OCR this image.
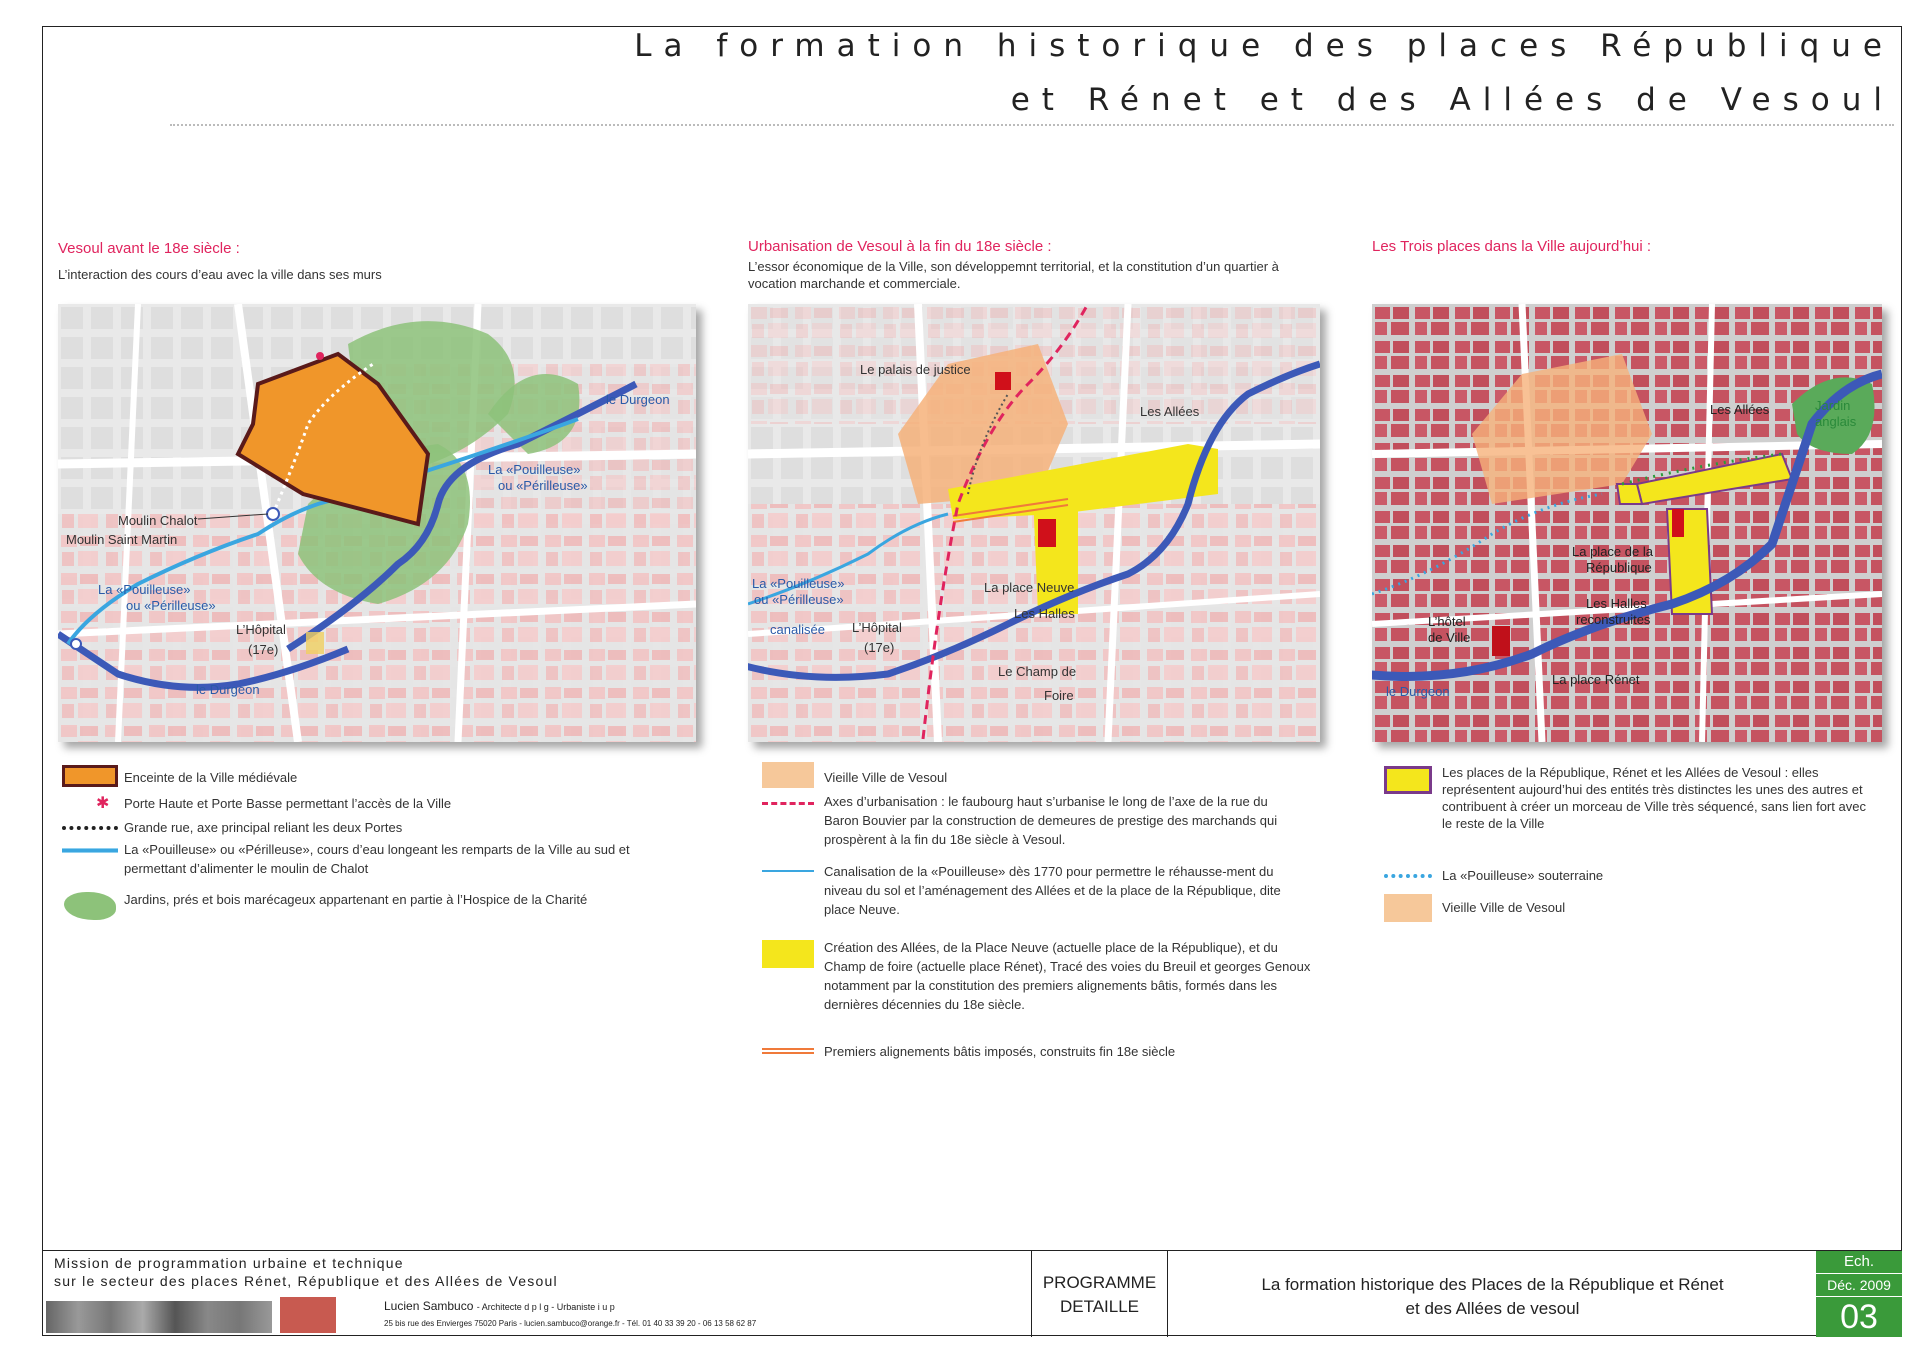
La formation historique des places République
et Rénet et des Allées de Vesoul
Vesoul avant le 18e siècle :
L’interaction des cours d’eau avec la ville dans ses murs
Moulin Chalot
Moulin Saint Martin
La «Pouilleuse»
ou «Périlleuse»
La «Pouilleuse»
ou «Périlleuse»
le Durgeon
le Durgeon
L’Hôpital
(17e)
Enceinte de la Ville médiévale
✱ Porte Haute et Porte Basse permettant l’accès de la Ville
Grande rue, axe principal reliant les deux Portes
La «Pouilleuse» ou «Périlleuse», cours d’eau longeant les remparts de la Ville au sud et permettant d’alimenter le moulin de Chalot
Jardins, prés et bois marécageux appartenant en partie à l’Hospice de la Charité
Urbanisation de Vesoul à la fin du 18e siècle :
L’essor économique de la Ville, son développemnt territorial, et la constitution d’un quartier à vocation marchande et commerciale.
Le palais de justice
Les Allées
La «Pouilleuse»
ou «Périlleuse»
canalisée L’Hôpital
(17e)
La place Neuve
Les Halles
Le Champ de
Foire
Vieille Ville de Vesoul
Axes d’urbanisation : le faubourg haut s’urbanise le long de l’axe de la rue du Baron Bouvier par la construction de demeures de prestige des marchands qui prospèrent à la fin du 18e siècle à Vesoul.
Canalisation de la «Pouilleuse» dès 1770 pour permettre le réhausse-ment du niveau du sol et l’aménagement des Allées et de la place de la République, dite place Neuve.
Création des Allées, de la Place Neuve (actuelle place de la République), et du Champ de foire (actuelle place Rénet), Tracé des voies du Breuil et georges Genoux notamment par la constitution des premiers alignements bâtis, formés dans les dernières décennies du 18e siècle.
Premiers alignements bâtis imposés, construits fin 18e siècle
Les Trois places dans la Ville aujourd’hui :
Les Allées	Jardin
anglais
La place de la
République
L’hôtel
de Ville
Les Halles
reconstruites
La place Rénet
le Durgeon
Les places de la République, Rénet et les Allées de Vesoul : elles représentent aujourd’hui des entités très distinctes les unes des autres et contribuent à créer un morceau de Ville très séquencé, sans lien fort avec le reste de la Ville
La «Pouilleuse» souterraine
Vieille Ville de Vesoul
Mission de programmation urbaine et technique
sur le secteur des places Rénet, République et des Allées de Vesoul
Lucien Sambuco - Architecte d p l g - Urbaniste i u p
25 bis rue des Envierges 75020 Paris - lucien.sambuco@orange.fr - Tél. 01 40 33 39 20 - 06 13 58 62 87
PROGRAMME
DETAILLE
La formation historique des Places de la République et Rénet
et des Allées de vesoul
Ech.
Déc. 2009
03
